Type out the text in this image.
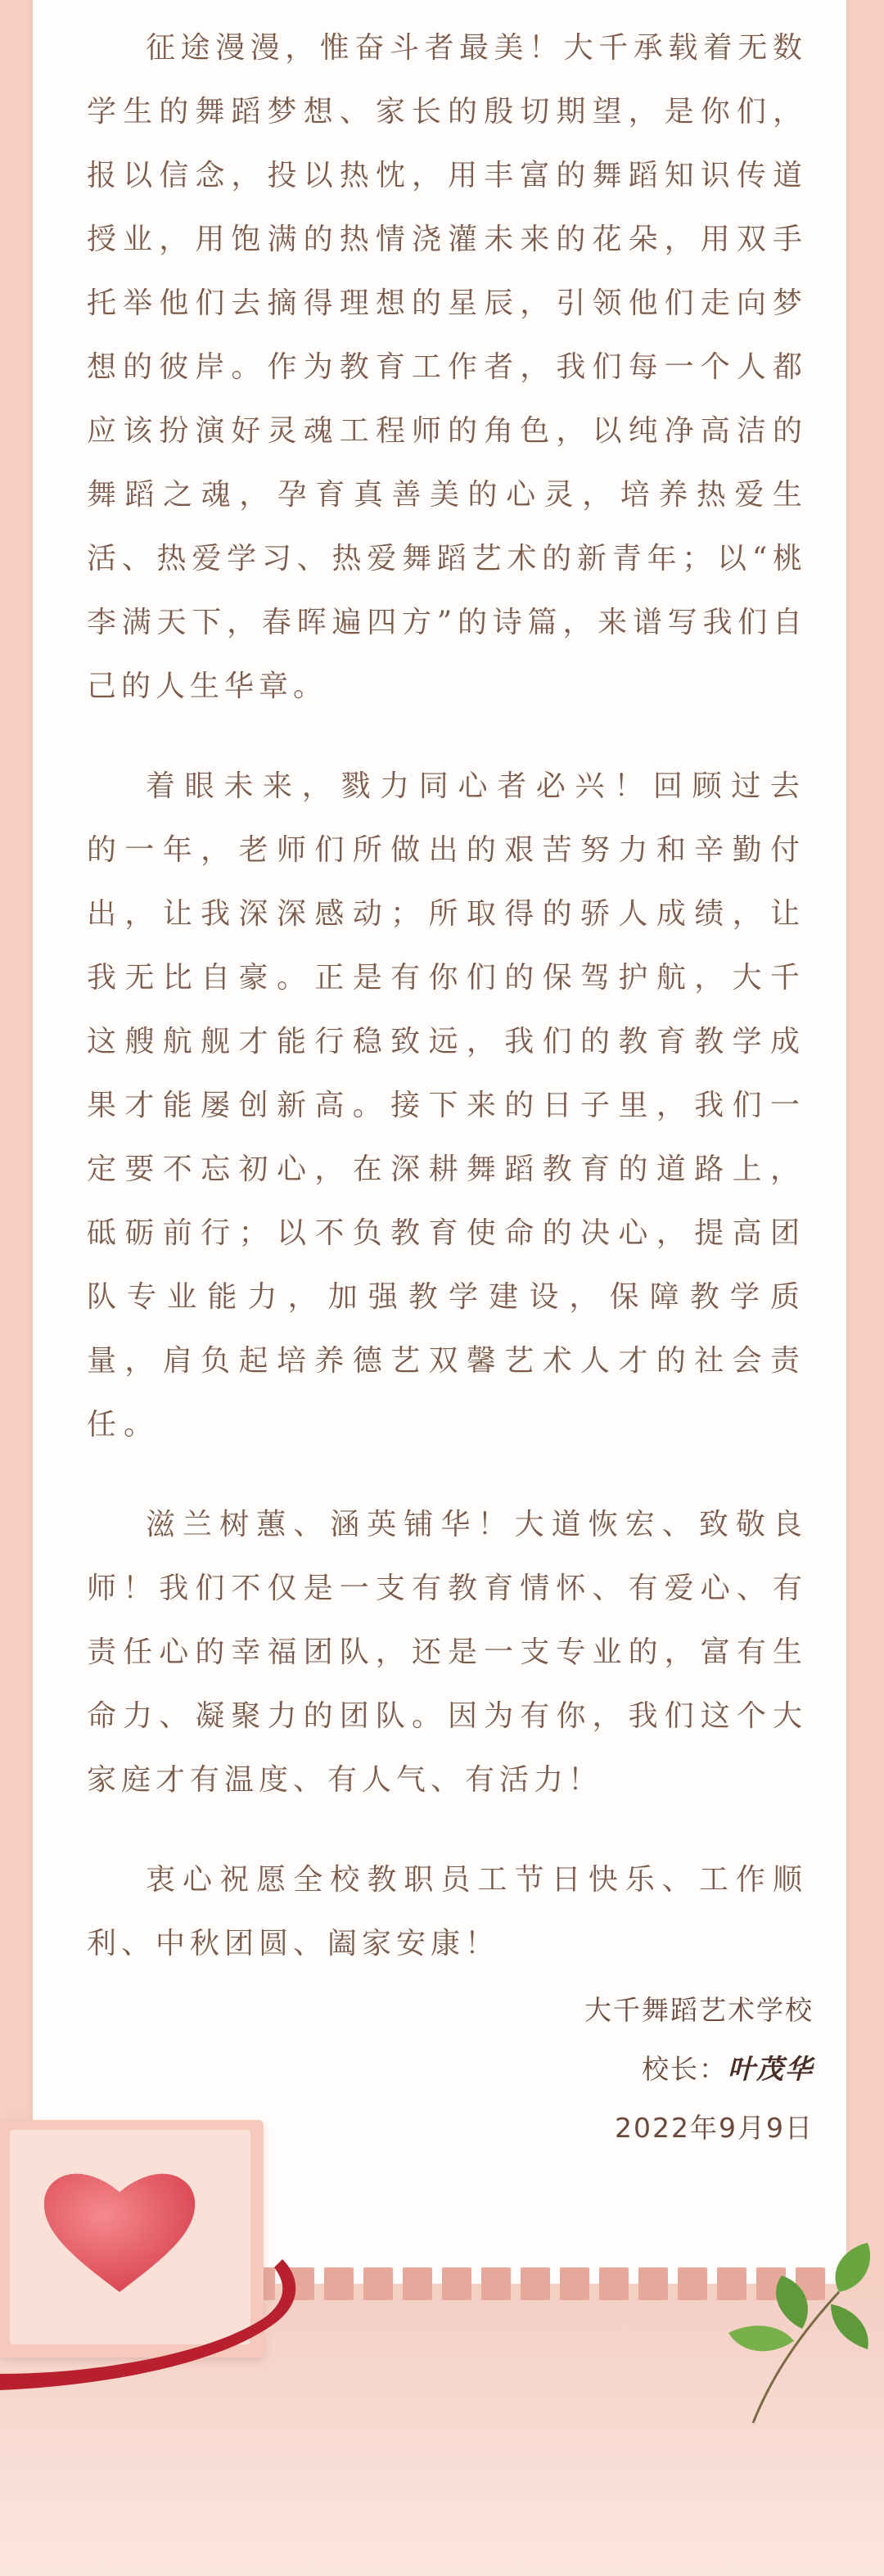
征途漫漫，惟奋斗者最美！大千承载着无数学生的舞蹈梦想、家长的殷切期望，是你们，报以信念，投以热忱，用丰富的舞蹈知识传道授业，用饱满的热情浇灌未来的花朵，用双手托举他们去摘得理想的星辰，引领他们走向梦想的彼岸。作为教育工作者，我们每一个人都应该扮演好灵魂工程师的角色，以纯净高洁的舞蹈之魂，孕育真善美的心灵，培养热爱生活、热爱学习、热爱舞蹈艺术的新青年；以“桃李满天下，春晖遍四方”的诗篇，来谱写我们自己的人生华章。

着眼未来，戮力同心者必兴！回顾过去的一年，老师们所做出的艰苦努力和辛勤付出，让我深深感动；所取得的骄人成绩，让我无比自豪。正是有你们的保驾护航，大千这艘航舰才能行稳致远，我们的教育教学成果才能屡创新高。接下来的日子里，我们一定要不忘初心，在深耕舞蹈教育的道路上，砥砺前行；以不负教育使命的决心，提高团队专业能力，加强教学建设，保障教学质量，肩负起培养德艺双馨艺术人才的社会责任。

滋兰树蕙、涵英铺华！大道恢宏、致敬良师！我们不仅是一支有教育情怀、有爱心、有责任心的幸福团队，还是一支专业的，富有生命力、凝聚力的团队。因为有你，我们这个大家庭才有温度、有人气、有活力！

衷心祝愿全校教职员工节日快乐、工作顺利、中秋团圆、阖家安康！

大千舞蹈艺术学校
校长：叶茂华
2022年9月9日
